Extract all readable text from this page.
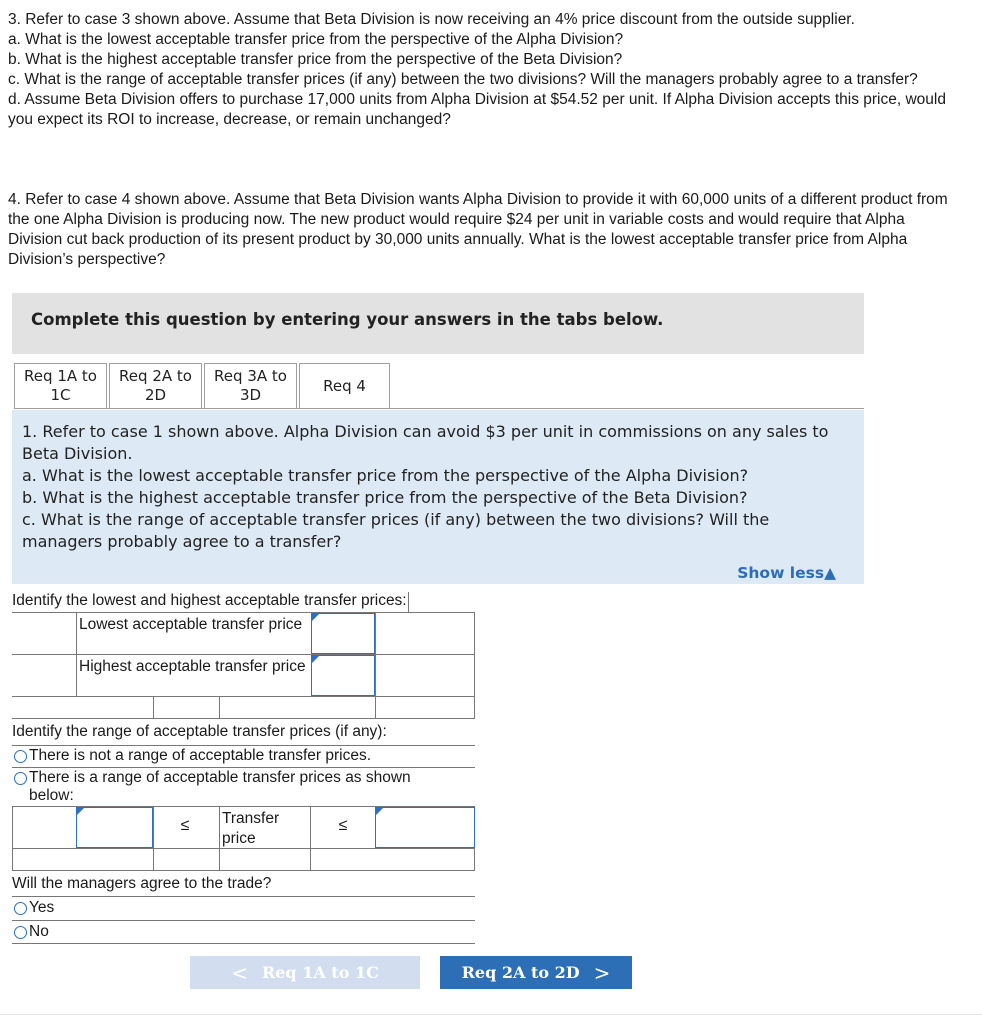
3. Refer to case 3 shown above. Assume that Beta Division is now receiving an 4% price discount from the outside supplier.

a. What is the lowest acceptable transfer price from the perspective of the Alpha Division?

b. What is the highest acceptable transfer price from the perspective of the Beta Division?

c. What is the range of acceptable transfer prices (if any) between the two divisions? Will the managers probably agree to a transfer?

d. Assume Beta Division offers to purchase 17,000 units from Alpha Division at $54.52 per unit. If Alpha Division accepts this price, would you expect its ROI to increase, decrease, or remain unchanged?

4. Refer to case 4 shown above. Assume that Beta Division wants Alpha Division to provide it with 60,000 units of a different product from the one Alpha Division is producing now. The new product would require $24 per unit in variable costs and would require that Alpha Division cut back production of its present product by 30,000 units annually. What is the lowest acceptable transfer price from Alpha Division’s perspective?

Complete this question by entering your answers in the tabs below.
Req 1A to
1C
Req 2A to
2D
Req 3A to
3D
Req 4

1. Refer to case 1 shown above. Alpha Division can avoid $3 per unit in commissions on any sales to Beta Division.

a. What is the lowest acceptable transfer price from the perspective of the Alpha Division?

b. What is the highest acceptable transfer price from the perspective of the Beta Division?

c. What is the range of acceptable transfer prices (if any) between the two divisions? Will the managers probably agree to a transfer?

Show less▲
Identify the lowest and highest acceptable transfer prices:
Lowest acceptable transfer price
Highest acceptable transfer price
Identify the range of acceptable transfer prices (if any):
There is not a range of acceptable transfer prices.
There is a range of acceptable transfer prices as shown below:
≤	Transfer price
≤
Will the managers agree to the trade?
Yes
No
< Req 1A to 1C	Req 2A to 2D >
